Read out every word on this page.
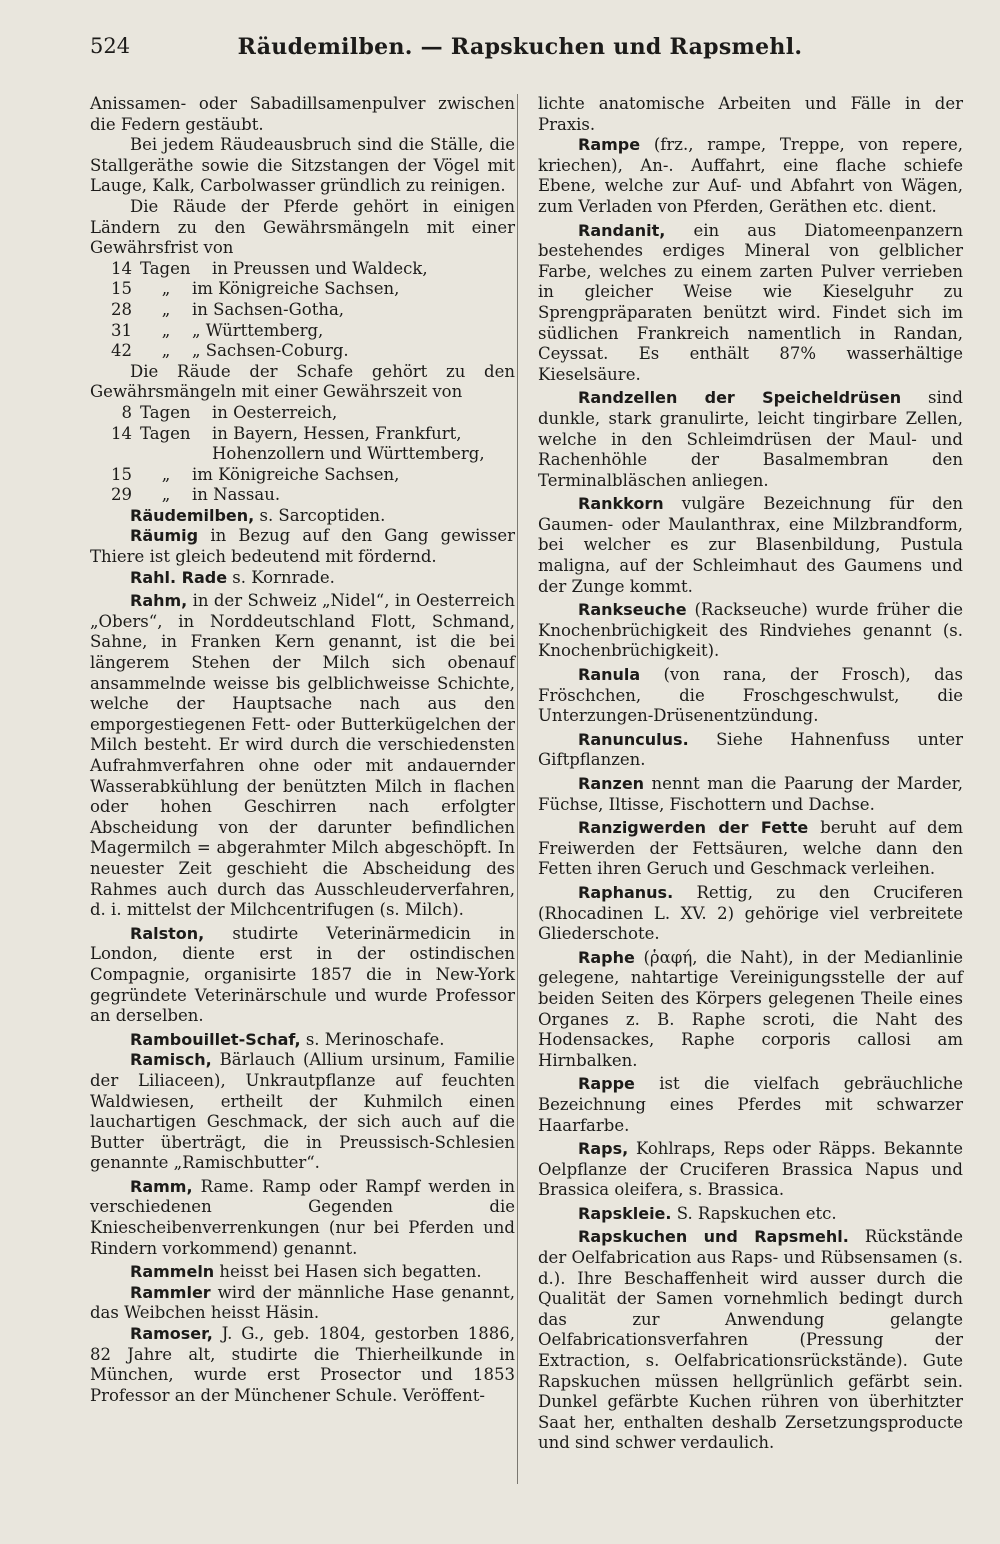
524	Räudemilben. — Rapskuchen und Rapsmehl.

Anissamen- oder Sabadillsamenpulver zwischen die Federn gestäubt.

Bei jedem Räudeausbruch sind die Ställe, die Stallgeräthe sowie die Sitzstangen der Vögel mit Lauge, Kalk, Carbolwasser gründlich zu reinigen.

Die Räude der Pferde gehört in einigen Ländern zu den Gewährsmängeln mit einer Gewährsfrist von

14 Tagen	in Preussen und Waldeck,
15	„	im Königreiche Sachsen,
28	„	in Sachsen-Gotha,
31	„	„ Württemberg,
42	„	„ Sachsen-Coburg.

Die Räude der Schafe gehört zu den Gewährsmängeln mit einer Gewährszeit von

8 Tagen	in Oesterreich,
14 Tagen	in Bayern, Hessen, Frankfurt, Hohenzollern und Württemberg,
15	„	im Königreiche Sachsen,
29	„	in Nassau.

Räudemilben, s. Sarcoptiden.

Räumig in Bezug auf den Gang gewisser Thiere ist gleich bedeutend mit fördernd.

Rahl. Rade s. Kornrade.

Rahm, in der Schweiz „Nidel“, in Oesterreich „Obers“, in Norddeutschland Flott, Schmand, Sahne, in Franken Kern genannt, ist die bei längerem Stehen der Milch sich obenauf ansammelnde weisse bis gelblichweisse Schichte, welche der Hauptsache nach aus den emporgestiegenen Fett- oder Butterkügelchen der Milch besteht. Er wird durch die verschiedensten Aufrahmverfahren ohne oder mit andauernder Wasserabkühlung der benützten Milch in flachen oder hohen Geschirren nach erfolgter Abscheidung von der darunter befindlichen Magermilch = abgerahmter Milch abgeschöpft. In neuester Zeit geschieht die Abscheidung des Rahmes auch durch das Ausschleuderverfahren, d. i. mittelst der Milchcentrifugen (s. Milch).

Ralston, studirte Veterinärmedicin in London, diente erst in der ostindischen Compagnie, organisirte 1857 die in New-York gegründete Veterinärschule und wurde Professor an derselben.

Rambouillet-Schaf, s. Merinoschafe.

Ramisch, Bärlauch (Allium ursinum, Familie der Liliaceen), Unkrautpflanze auf feuchten Waldwiesen, ertheilt der Kuhmilch einen lauchartigen Geschmack, der sich auch auf die Butter überträgt, die in Preussisch-Schlesien genannte „Ramischbutter“.

Ramm, Rame. Ramp oder Rampf werden in verschiedenen Gegenden die Kniescheibenverrenkungen (nur bei Pferden und Rindern vorkommend) genannt.

Rammeln heisst bei Hasen sich begatten.

Rammler wird der männliche Hase genannt, das Weibchen heisst Häsin.

Ramoser, J. G., geb. 1804, gestorben 1886, 82 Jahre alt, studirte die Thierheilkunde in München, wurde erst Prosector und 1853 Professor an der Münchener Schule. Veröffent-

lichte anatomische Arbeiten und Fälle in der Praxis.

Rampe (frz., rampe, Treppe, von repere, kriechen), An-. Auffahrt, eine flache schiefe Ebene, welche zur Auf- und Abfahrt von Wägen, zum Verladen von Pferden, Geräthen etc. dient.

Randanit, ein aus Diatomeenpanzern bestehendes erdiges Mineral von gelblicher Farbe, welches zu einem zarten Pulver verrieben in gleicher Weise wie Kieselguhr zu Sprengpräparaten benützt wird. Findet sich im südlichen Frankreich namentlich in Randan, Ceyssat. Es enthält 87% wasserhältige Kieselsäure.

Randzellen der Speicheldrüsen sind dunkle, stark granulirte, leicht tingirbare Zellen, welche in den Schleimdrüsen der Maul- und Rachenhöhle der Basalmembran den Terminalbläschen anliegen.

Rankkorn vulgäre Bezeichnung für den Gaumen- oder Maulanthrax, eine Milzbrandform, bei welcher es zur Blasenbildung, Pustula maligna, auf der Schleimhaut des Gaumens und der Zunge kommt.

Rankseuche (Rackseuche) wurde früher die Knochenbrüchigkeit des Rindviehes genannt (s. Knochenbrüchigkeit).

Ranula (von rana, der Frosch), das Fröschchen, die Froschgeschwulst, die Unterzungen-Drüsenentzündung.

Ranunculus. Siehe Hahnenfuss unter Giftpflanzen.

Ranzen nennt man die Paarung der Marder, Füchse, Iltisse, Fischottern und Dachse.

Ranzigwerden der Fette beruht auf dem Freiwerden der Fettsäuren, welche dann den Fetten ihren Geruch und Geschmack verleihen.

Raphanus. Rettig, zu den Cruciferen (Rhocadinen L. XV. 2) gehörige viel verbreitete Gliederschote.

Raphe (ῥαφή, die Naht), in der Medianlinie gelegene, nahtartige Vereinigungsstelle der auf beiden Seiten des Körpers gelegenen Theile eines Organes z. B. Raphe scroti, die Naht des Hodensackes, Raphe corporis callosi am Hirnbalken.

Rappe ist die vielfach gebräuchliche Bezeichnung eines Pferdes mit schwarzer Haarfarbe.

Raps, Kohlraps, Reps oder Räpps. Bekannte Oelpflanze der Cruciferen Brassica Napus und Brassica oleifera, s. Brassica.

Rapskleie. S. Rapskuchen etc.

Rapskuchen und Rapsmehl. Rückstände der Oelfabrication aus Raps- und Rübsensamen (s. d.). Ihre Beschaffenheit wird ausser durch die Qualität der Samen vornehmlich bedingt durch das zur Anwendung gelangte Oelfabricationsverfahren (Pressung der Extraction, s. Oelfabricationsrückstände). Gute Rapskuchen müssen hellgrünlich gefärbt sein. Dunkel gefärbte Kuchen rühren von überhitzter Saat her, enthalten deshalb Zersetzungsproducte und sind schwer verdaulich.
